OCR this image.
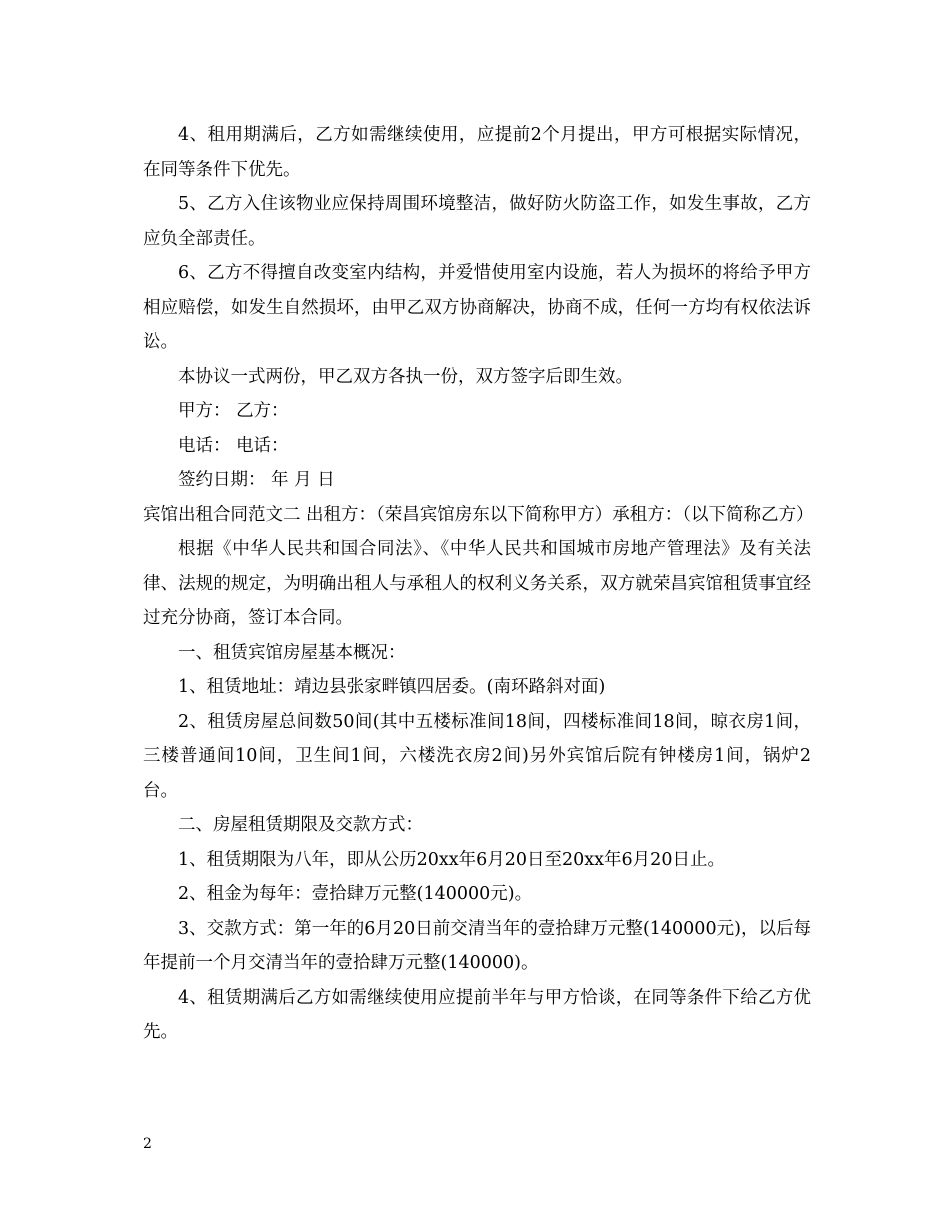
4、租用期满后，乙方如需继续使用，应提前2个月提出，甲方可根据实际情况，在同等条件下优先。

5、乙方入住该物业应保持周围环境整洁，做好防火防盗工作，如发生事故，乙方应负全部责任。

6、乙方不得擅自改变室内结构，并爱惜使用室内设施，若人为损坏的将给予甲方相应赔偿，如发生自然损坏，由甲乙双方协商解决，协商不成，任何一方均有权依法诉讼。

本协议一式两份，甲乙双方各执一份，双方签字后即生效。

甲方： 乙方：

电话： 电话：

签约日期： 年 月 日

宾馆出租合同范文二 出租方：（荣昌宾馆房东以下简称甲方）承租方：（以下简称乙方）

根据《中华人民共和国合同法》、《中华人民共和国城市房地产管理法》及有关法律、法规的规定，为明确出租人与承租人的权利义务关系，双方就荣昌宾馆租赁事宜经过充分协商，签订本合同。

一、租赁宾馆房屋基本概况：

1、租赁地址：靖边县张家畔镇四居委。(南环路斜对面)

2、租赁房屋总间数50间(其中五楼标准间18间，四楼标准间18间，晾衣房1间，三楼普通间10间，卫生间1间，六楼洗衣房2间)另外宾馆后院有钟楼房1间，锅炉2台。

二、房屋租赁期限及交款方式：

1、租赁期限为八年，即从公历20xx年6月20日至20xx年6月20日止。

2、租金为每年：壹拾肆万元整(140000元)。

3、交款方式：第一年的6月20日前交清当年的壹拾肆万元整(140000元)，以后每年提前一个月交清当年的壹拾肆万元整(140000)。

4、租赁期满后乙方如需继续使用应提前半年与甲方恰谈，在同等条件下给乙方优先。

2
